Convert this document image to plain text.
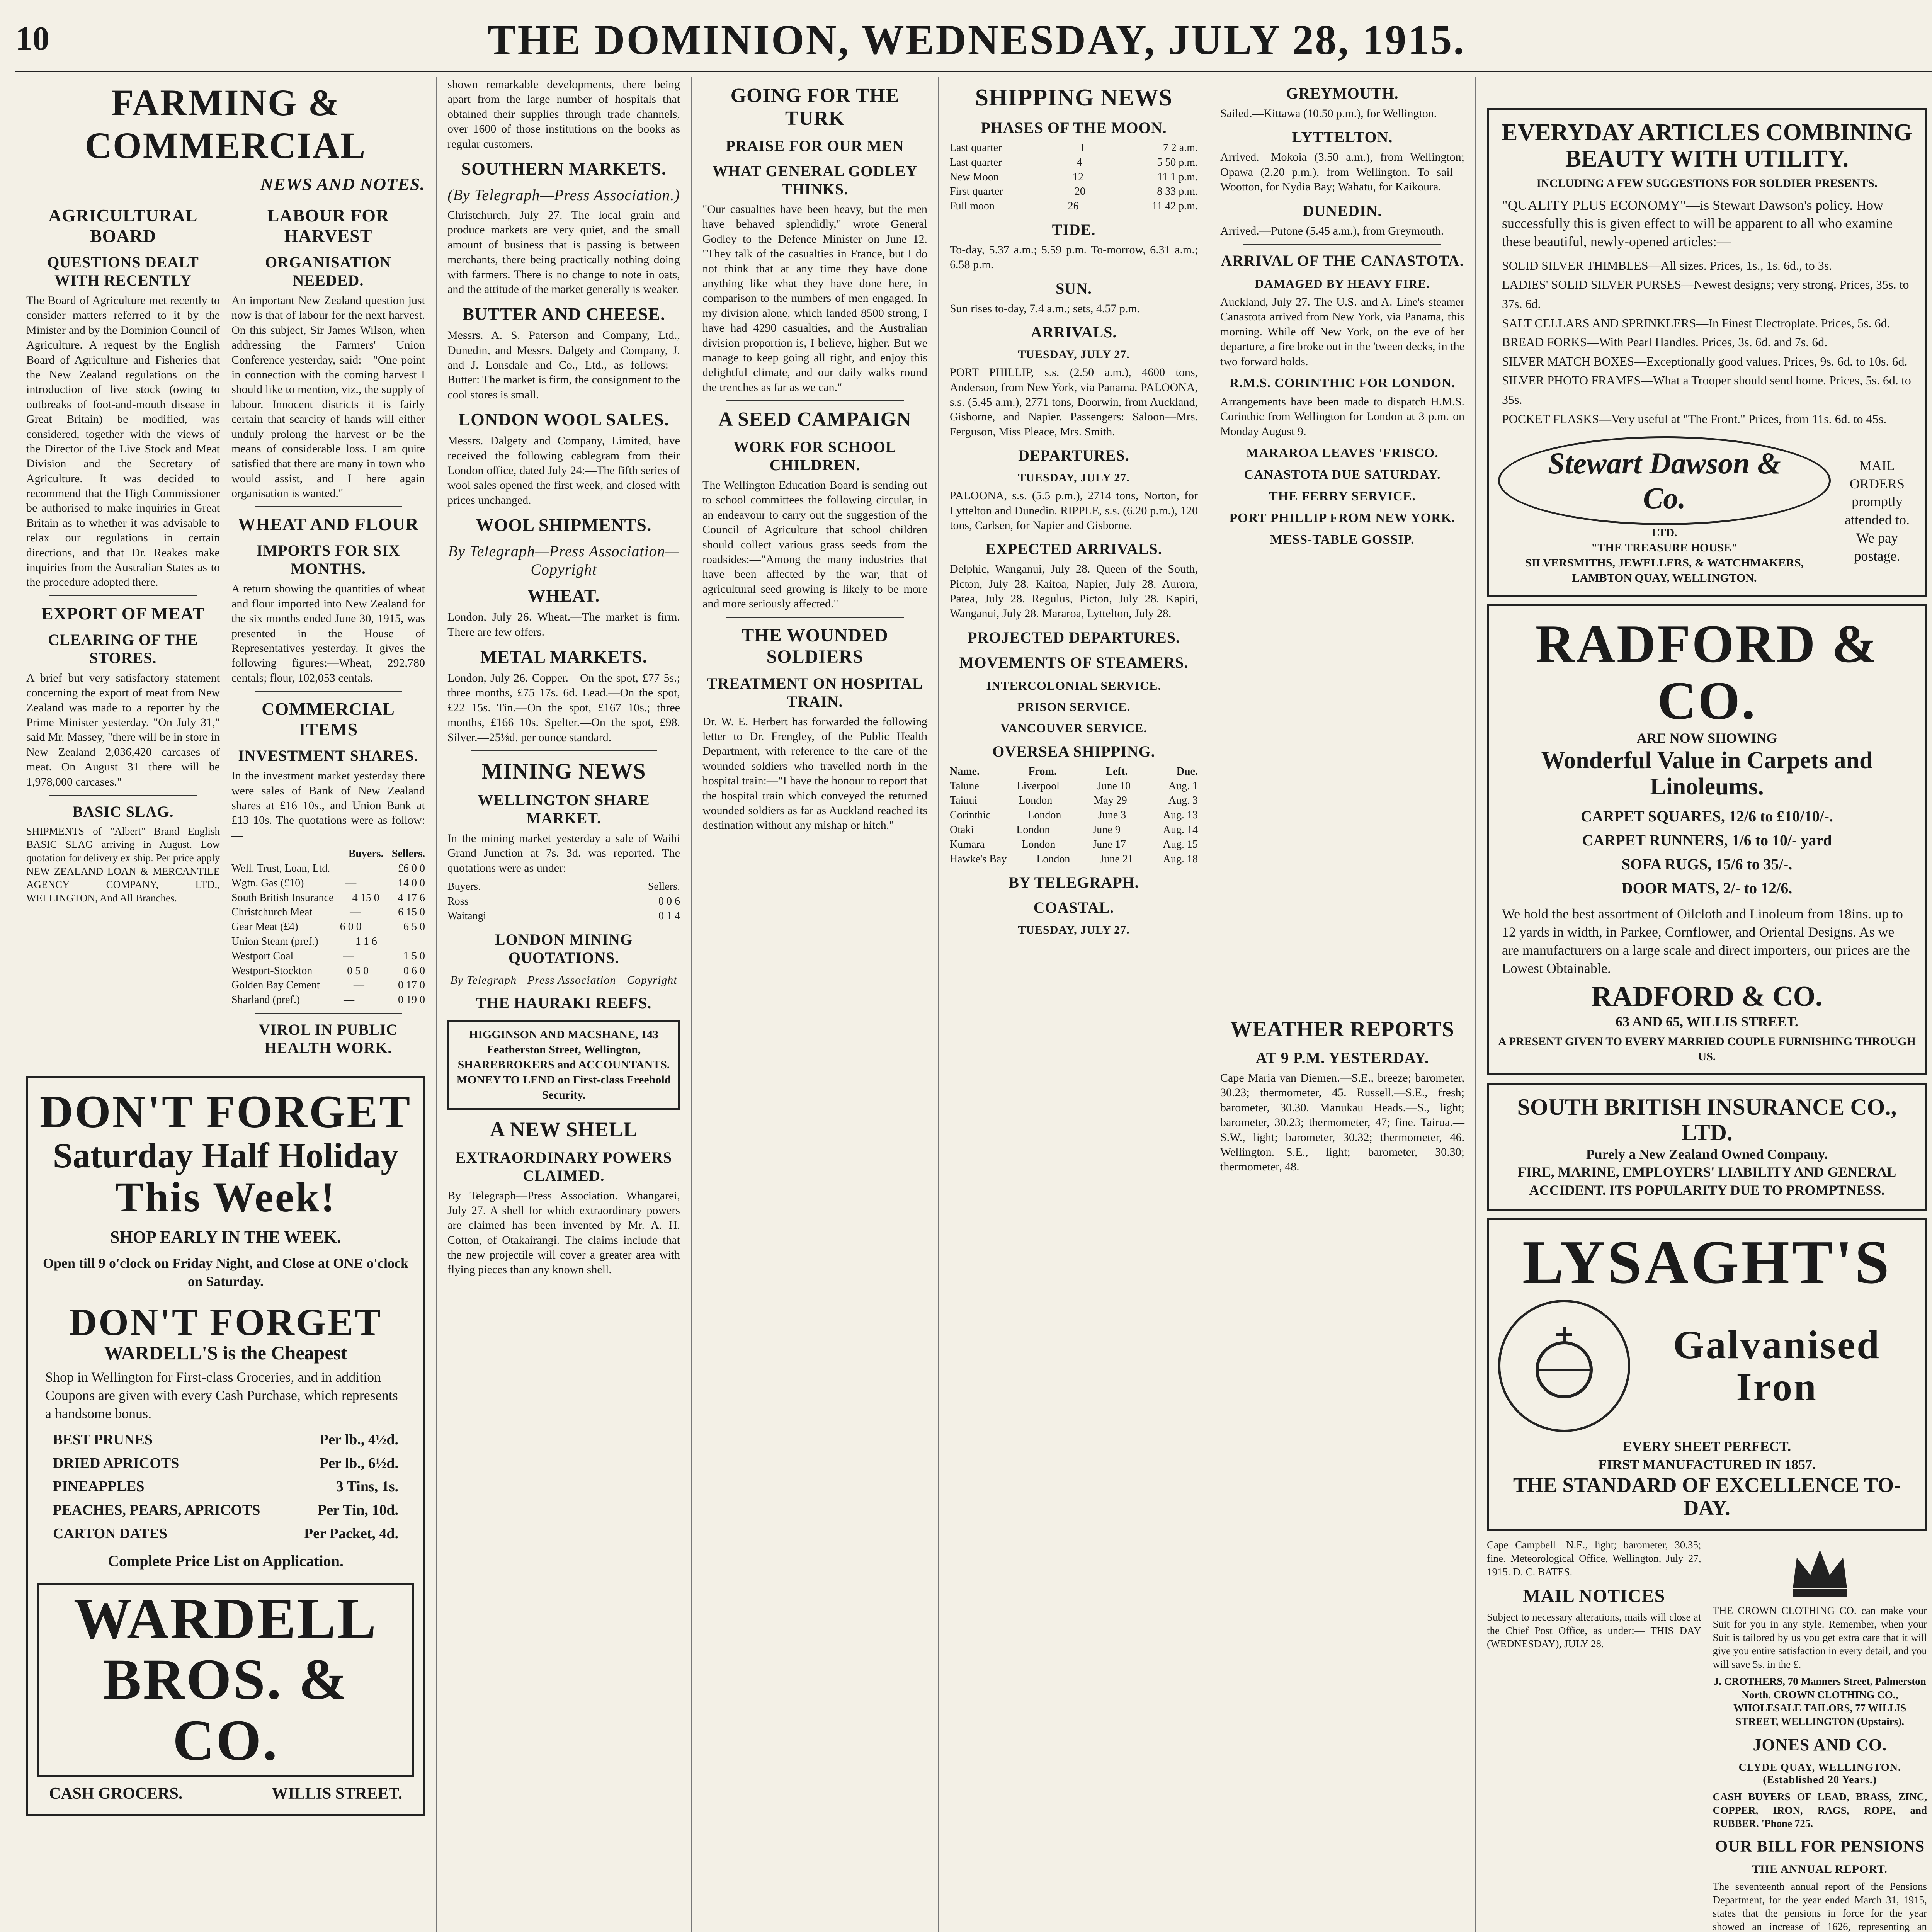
10	THE DOMINION, WEDNESDAY, JULY 28, 1915.
FARMING & COMMERCIAL
NEWS AND NOTES.
AGRICULTURAL BOARD
QUESTIONS DEALT WITH RECENTLY

The Board of Agriculture met recently to consider matters referred to it by the Minister and by the Dominion Council of Agriculture. A request by the English Board of Agriculture and Fisheries that the New Zealand regulations on the introduction of live stock (owing to outbreaks of foot-and-mouth disease in Great Britain) be modified, was considered, together with the views of the Director of the Live Stock and Meat Division and the Secretary of Agriculture. It was decided to recommend that the High Commissioner be authorised to make inquiries in Great Britain as to whether it was advisable to relax our regulations in certain directions, and that Dr. Reakes make inquiries from the Australian States as to the procedure adopted there.

EXPORT OF MEAT
CLEARING OF THE STORES.

A brief but very satisfactory statement concerning the export of meat from New Zealand was made to a reporter by the Prime Minister yesterday. "On July 31," said Mr. Massey, "there will be in store in New Zealand 2,036,420 carcases of meat. On August 31 there will be 1,978,000 carcases."

BASIC SLAG.

SHIPMENTS of "Albert" Brand English BASIC SLAG arriving in August. Low quotation for delivery ex ship. Per price apply NEW ZEALAND LOAN & MERCANTILE AGENCY COMPANY, LTD., WELLINGTON, And All Branches.

LABOUR FOR HARVEST
ORGANISATION NEEDED.

An important New Zealand question just now is that of labour for the next harvest. On this subject, Sir James Wilson, when addressing the Farmers' Union Conference yesterday, said:—"One point in connection with the coming harvest I should like to mention, viz., the supply of labour. Innocent districts it is fairly certain that scarcity of hands will either unduly prolong the harvest or be the means of considerable loss. I am quite satisfied that there are many in town who would assist, and I here again organisation is wanted."

WHEAT AND FLOUR
IMPORTS FOR SIX MONTHS.

A return showing the quantities of wheat and flour imported into New Zealand for the six months ended June 30, 1915, was presented in the House of Representatives yesterday. It gives the following figures:—Wheat, 292,780 centals; flour, 102,053 centals.

COMMERCIAL ITEMS
INVESTMENT SHARES.

In the investment market yesterday there were sales of Bank of New Zealand shares at £16 10s., and Union Bank at £13 10s. The quotations were as follow:—

Buyers. Sellers.
Well. Trust, Loan, Ltd.	—	£6 0 0
Wgtn. Gas (£10)	—	14 0 0
South British Insurance 4 15 0 4 17 6
Christchurch Meat	—	6 15 0
Gear Meat (£4)	6 0 0	6 5 0
Union Steam (pref.)	1 1 6	—
Westport Coal	—	1 5 0
Westport-Stockton	0 5 0	0 6 0
Golden Bay Cement	—	0 17 0
Sharland (pref.)	—	0 19 0
VIROL IN PUBLIC HEALTH WORK.
DON'T FORGET
Saturday Half Holiday
This Week!
SHOP EARLY IN THE WEEK.
Open till 9 o'clock on Friday Night, and Close at ONE o'clock on Saturday.
DON'T FORGET
WARDELL'S is the Cheapest
Shop in Wellington for First-class Groceries, and in addition Coupons are given with every Cash Purchase, which represents a handsome bonus.
BEST PRUNES	Per lb., 4½d.
DRIED APRICOTS	Per lb., 6½d.
PINEAPPLES	3 Tins, 1s.
PEACHES, PEARS, APRICOTS	Per Tin, 10d.
CARTON DATES	Per Packet, 4d.
Complete Price List on Application.
WARDELL BROS. & CO.
CASH GROCERS.	WILLIS STREET.

shown remarkable developments, there being apart from the large number of hospitals that obtained their supplies through trade channels, over 1600 of those institutions on the books as regular customers.

SOUTHERN MARKETS.
(By Telegraph—Press Association.)

Christchurch, July 27. The local grain and produce markets are very quiet, and the small amount of business that is passing is between merchants, there being practically nothing doing with farmers. There is no change to note in oats, and the attitude of the market generally is weaker.

BUTTER AND CHEESE.

Messrs. A. S. Paterson and Company, Ltd., Dunedin, and Messrs. Dalgety and Company, J. and J. Lonsdale and Co., Ltd., as follows:—Butter: The market is firm, the consignment to the cool stores is small.

LONDON WOOL SALES.

Messrs. Dalgety and Company, Limited, have received the following cablegram from their London office, dated July 24:—The fifth series of wool sales opened the first week, and closed with prices unchanged.

WOOL SHIPMENTS.
By Telegraph—Press Association—Copyright
WHEAT.

London, July 26. Wheat.—The market is firm. There are few offers.

METAL MARKETS.

London, July 26. Copper.—On the spot, £77 5s.; three months, £75 17s. 6d. Lead.—On the spot, £22 15s. Tin.—On the spot, £167 10s.; three months, £166 10s. Spelter.—On the spot, £98. Silver.—25⅛d. per ounce standard.

MINING NEWS
WELLINGTON SHARE MARKET.

In the mining market yesterday a sale of Waihi Grand Junction at 7s. 3d. was reported. The quotations were as under:—

Buyers.	Sellers.
Ross	0 0 6
Waitangi	0 1 4
LONDON MINING QUOTATIONS.
By Telegraph—Press Association—Copyright
THE HAURAKI REEFS.
HIGGINSON AND MACSHANE, 143 Featherston Street, Wellington, SHAREBROKERS and ACCOUNTANTS. MONEY TO LEND on First-class Freehold Security.
A NEW SHELL
EXTRAORDINARY POWERS CLAIMED.

By Telegraph—Press Association. Whangarei, July 27. A shell for which extraordinary powers are claimed has been invented by Mr. A. H. Cotton, of Otakairangi. The claims include that the new projectile will cover a greater area with flying pieces than any known shell.

GOING FOR THE TURK
PRAISE FOR OUR MEN
WHAT GENERAL GODLEY THINKS.

"Our casualties have been heavy, but the men have behaved splendidly," wrote General Godley to the Defence Minister on June 12. "They talk of the casualties in France, but I do not think that at any time they have done anything like what they have done here, in comparison to the numbers of men engaged. In my division alone, which landed 8500 strong, I have had 4290 casualties, and the Australian division proportion is, I believe, higher. But we manage to keep going all right, and enjoy this delightful climate, and our daily walks round the trenches as far as we can."

A SEED CAMPAIGN
WORK FOR SCHOOL CHILDREN.

The Wellington Education Board is sending out to school committees the following circular, in an endeavour to carry out the suggestion of the Council of Agriculture that school children should collect various grass seeds from the roadsides:—"Among the many industries that have been affected by the war, that of agricultural seed growing is likely to be more and more seriously affected."

THE WOUNDED SOLDIERS
TREATMENT ON HOSPITAL TRAIN.

Dr. W. E. Herbert has forwarded the following letter to Dr. Frengley, of the Public Health Department, with reference to the care of the wounded soldiers who travelled north in the hospital train:—"I have the honour to report that the hospital train which conveyed the returned wounded soldiers as far as Auckland reached its destination without any mishap or hitch."

SHIPPING NEWS
PHASES OF THE MOON.
Last quarter	1	7 2 a.m.
Last quarter	4	5 50 p.m.
New Moon	12	11 1 p.m.
First quarter	20	8 33 p.m.
Full moon	26	11 42 p.m.
TIDE.

To-day, 5.37 a.m.; 5.59 p.m. To-morrow, 6.31 a.m.; 6.58 p.m.

SUN.

Sun rises to-day, 7.4 a.m.; sets, 4.57 p.m.

ARRIVALS.
TUESDAY, JULY 27.

PORT PHILLIP, s.s. (2.50 a.m.), 4600 tons, Anderson, from New York, via Panama. PALOONA, s.s. (5.45 a.m.), 2771 tons, Doorwin, from Auckland, Gisborne, and Napier. Passengers: Saloon—Mrs. Ferguson, Miss Pleace, Mrs. Smith.

DEPARTURES.
TUESDAY, JULY 27.

PALOONA, s.s. (5.5 p.m.), 2714 tons, Norton, for Lyttelton and Dunedin. RIPPLE, s.s. (6.20 p.m.), 120 tons, Carlsen, for Napier and Gisborne.

EXPECTED ARRIVALS.

Delphic, Wanganui, July 28. Queen of the South, Picton, July 28. Kaitoa, Napier, July 28. Aurora, Patea, July 28. Regulus, Picton, July 28. Kapiti, Wanganui, July 28. Mararoa, Lyttelton, July 28.

PROJECTED DEPARTURES.
MOVEMENTS OF STEAMERS.
INTERCOLONIAL SERVICE.
PRISON SERVICE.
VANCOUVER SERVICE.
OVERSEA SHIPPING.
Name.	From.	Left.	Due.
Talune	Liverpool	June 10	Aug. 1
Tainui	London	May 29	Aug. 3
Corinthic	London	June 3	Aug. 13
Otaki	London	June 9	Aug. 14
Kumara	London	June 17	Aug. 15
Hawke's Bay	London	June 21	Aug. 18
BY TELEGRAPH.
COASTAL.
TUESDAY, JULY 27.
GREYMOUTH.

Sailed.—Kittawa (10.50 p.m.), for Wellington.

LYTTELTON.

Arrived.—Mokoia (3.50 a.m.), from Wellington; Opawa (2.20 p.m.), from Wellington. To sail—Wootton, for Nydia Bay; Wahatu, for Kaikoura.

DUNEDIN.

Arrived.—Putone (5.45 a.m.), from Greymouth.

ARRIVAL OF THE CANASTOTA.
DAMAGED BY HEAVY FIRE.

Auckland, July 27. The U.S. and A. Line's steamer Canastota arrived from New York, via Panama, this morning. While off New York, on the eve of her departure, a fire broke out in the 'tween decks, in the two forward holds.

R.M.S. CORINTHIC FOR LONDON.

Arrangements have been made to dispatch H.M.S. Corinthic from Wellington for London at 3 p.m. on Monday August 9.

MARAROA LEAVES 'FRISCO.
CANASTOTA DUE SATURDAY.
THE FERRY SERVICE.
PORT PHILLIP FROM NEW YORK.
MESS-TABLE GOSSIP.
WEATHER REPORTS
AT 9 P.M. YESTERDAY.

Cape Maria van Diemen.—S.E., breeze; barometer, 30.23; thermometer, 45. Russell.—S.E., fresh; barometer, 30.30. Manukau Heads.—S., light; barometer, 30.23; thermometer, 47; fine. Tairua.—S.W., light; barometer, 30.32; thermometer, 46. Wellington.—S.E., light; barometer, 30.30; thermometer, 48.

EVERYDAY ARTICLES COMBINING
BEAUTY WITH UTILITY.
INCLUDING A FEW SUGGESTIONS FOR SOLDIER PRESENTS.
"QUALITY PLUS ECONOMY"—is Stewart Dawson's policy. How successfully this is given effect to will be apparent to all who examine these beautiful, newly-opened articles:—
SOLID SILVER THIMBLES—All sizes. Prices, 1s., 1s. 6d., to 3s.
LADIES' SOLID SILVER PURSES—Newest designs; very strong. Prices, 35s. to 37s. 6d.
SALT CELLARS AND SPRINKLERS—In Finest Electroplate. Prices, 5s. 6d.
BREAD FORKS—With Pearl Handles. Prices, 3s. 6d. and 7s. 6d.
SILVER MATCH BOXES—Exceptionally good values. Prices, 9s. 6d. to 10s. 6d.
SILVER PHOTO FRAMES—What a Trooper should send home. Prices, 5s. 6d. to 35s.
POCKET FLASKS—Very useful at "The Front." Prices, from 11s. 6d. to 45s.
Stewart Dawson & Co.
LTD.
"THE TREASURE HOUSE"
SILVERSMITHS, JEWELLERS, & WATCHMAKERS,
LAMBTON QUAY, WELLINGTON.
MAIL ORDERS promptly attended to. We pay postage.
RADFORD & CO.
ARE NOW SHOWING
Wonderful Value in Carpets and Linoleums.
CARPET SQUARES, 12/6 to £10/10/-.
CARPET RUNNERS, 1/6 to 10/- yard
SOFA RUGS, 15/6 to 35/-.
DOOR MATS, 2/- to 12/6.
We hold the best assortment of Oilcloth and Linoleum from 18ins. up to 12 yards in width, in Parkee, Cornflower, and Oriental Designs. As we are manufacturers on a large scale and direct importers, our prices are the Lowest Obtainable.
RADFORD & CO.
63 AND 65, WILLIS STREET.
A PRESENT GIVEN TO EVERY MARRIED COUPLE FURNISHING THROUGH US.
SOUTH BRITISH INSURANCE CO., LTD.
Purely a New Zealand Owned Company.
FIRE, MARINE, EMPLOYERS' LIABILITY AND GENERAL ACCIDENT. ITS POPULARITY DUE TO PROMPTNESS.
LYSAGHT'S
Galvanised Iron
EVERY SHEET PERFECT.
FIRST MANUFACTURED IN 1857.
THE STANDARD OF EXCELLENCE TO-DAY.

Cape Campbell—N.E., light; barometer, 30.35; fine. Meteorological Office, Wellington, July 27, 1915. D. C. BATES.

MAIL NOTICES

Subject to necessary alterations, mails will close at the Chief Post Office, as under:— THIS DAY (WEDNESDAY), JULY 28.

THE CROWN CLOTHING CO. can make your Suit for you in any style. Remember, when your Suit is tailored by us you get extra care that it will give you entire satisfaction in every detail, and you will save 5s. in the £.

J. CROTHERS, 70 Manners Street, Palmerston North. CROWN CLOTHING CO., WHOLESALE TAILORS, 77 WILLIS STREET, WELLINGTON (Upstairs).

JONES AND CO.
CLYDE QUAY, WELLINGTON. (Established 20 Years.)

CASH BUYERS OF LEAD, BRASS, ZINC, COPPER, IRON, RAGS, ROPE, and RUBBER. 'Phone 725.

OUR BILL FOR PENSIONS
THE ANNUAL REPORT.

The seventeenth annual report of the Pensions Department, for the year ended March 31, 1915, states that the pensions in force for the year showed an increase of 1626, representing an
